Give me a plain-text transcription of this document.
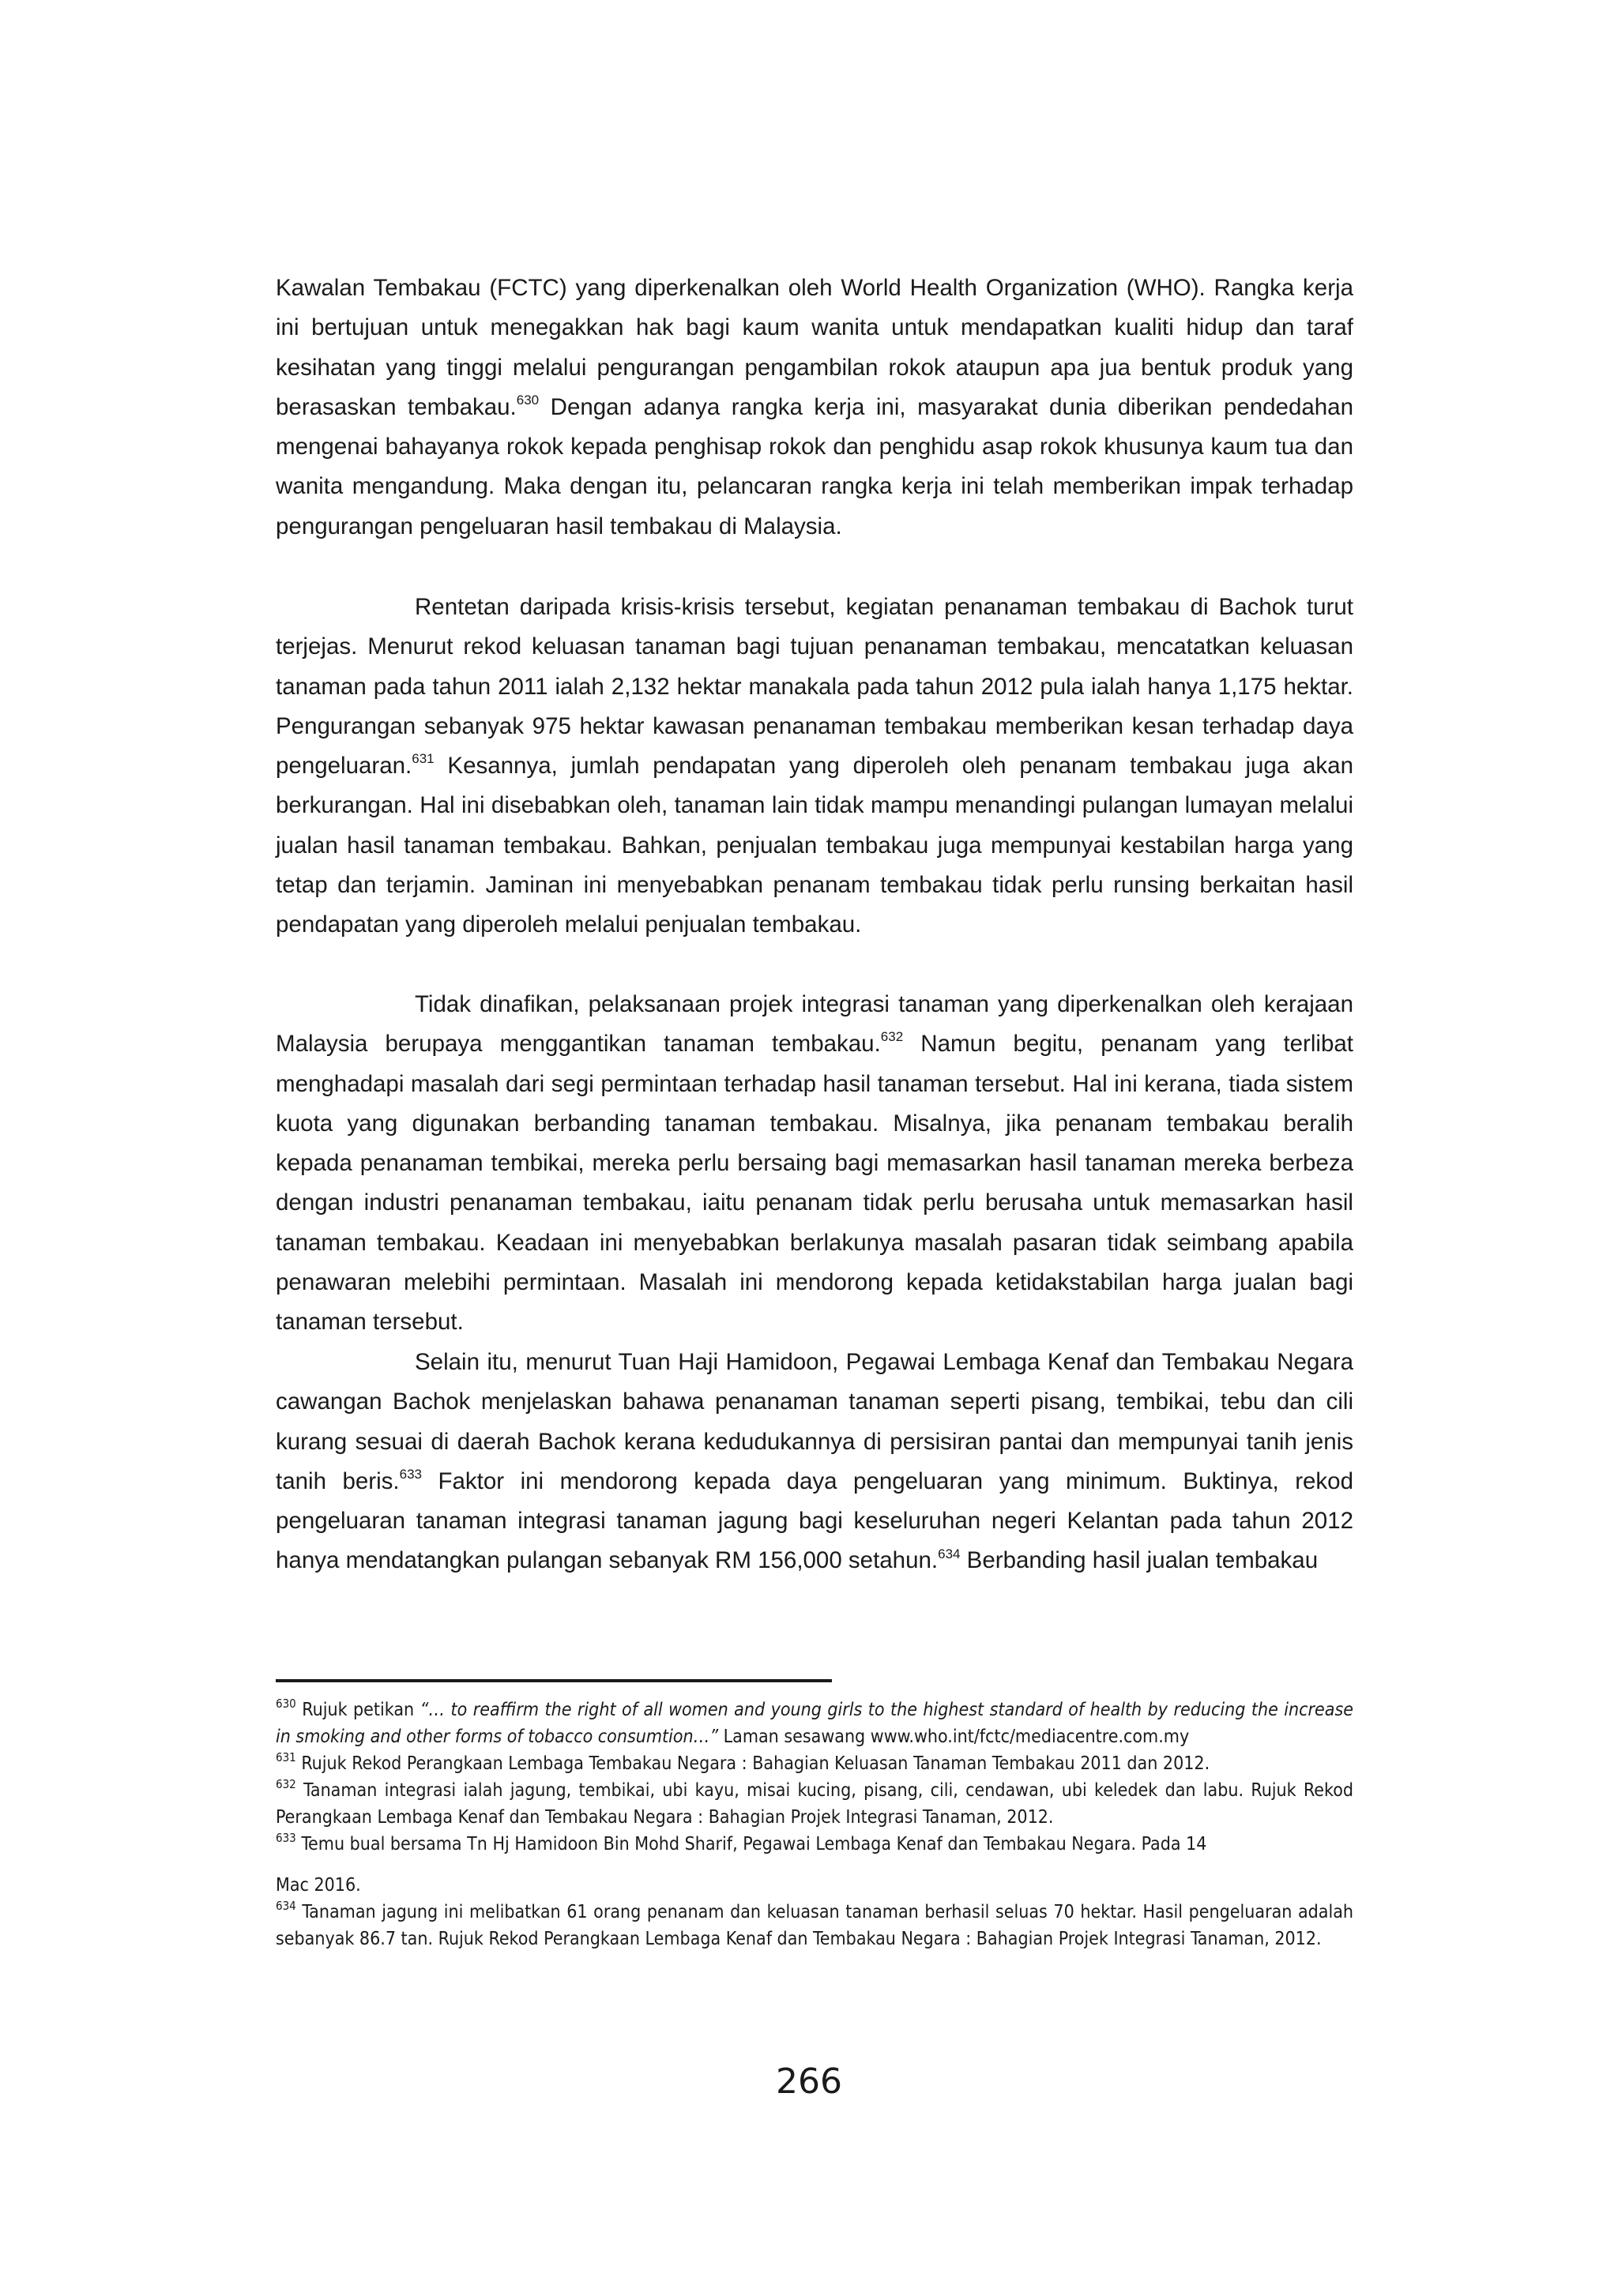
Kawalan Tembakau (FCTC) yang diperkenalkan oleh World Health Organization (WHO). Rangka kerja ini bertujuan untuk menegakkan hak bagi kaum wanita untuk mendapatkan kualiti hidup dan taraf kesihatan yang tinggi melalui pengurangan pengambilan rokok ataupun apa jua bentuk produk yang berasaskan tembakau.$^{630}$ Dengan adanya rangka kerja ini, masyarakat dunia diberikan pendedahan mengenai bahayanya rokok kepada penghisap rokok dan penghidu asap rokok khusunya kaum tua dan wanita mengandung. Maka dengan itu, pelancaran rangka kerja ini telah memberikan impak terhadap pengurangan pengeluaran hasil tembakau di Malaysia.

Rentetan daripada krisis-krisis tersebut, kegiatan penanaman tembakau di Bachok turut terjejas. Menurut rekod keluasan tanaman bagi tujuan penanaman tembakau, mencatatkan keluasan tanaman pada tahun 2011 ialah 2,132 hektar manakala pada tahun 2012 pula ialah hanya 1,175 hektar. Pengurangan sebanyak 975 hektar kawasan penanaman tembakau memberikan kesan terhadap daya pengeluaran.$^{631}$ Kesannya, jumlah pendapatan yang diperoleh oleh penanam tembakau juga akan berkurangan. Hal ini disebabkan oleh, tanaman lain tidak mampu menandingi pulangan lumayan melalui jualan hasil tanaman tembakau. Bahkan, penjualan tembakau juga mempunyai kestabilan harga yang tetap dan terjamin. Jaminan ini menyebabkan penanam tembakau tidak perlu runsing berkaitan hasil pendapatan yang diperoleh melalui penjualan tembakau.

Tidak dinafikan, pelaksanaan projek integrasi tanaman yang diperkenalkan oleh kerajaan Malaysia berupaya menggantikan tanaman tembakau.$^{632}$ Namun begitu, penanam yang terlibat menghadapi masalah dari segi permintaan terhadap hasil tanaman tersebut. Hal ini kerana, tiada sistem kuota yang digunakan berbanding tanaman tembakau. Misalnya, jika penanam tembakau beralih kepada penanaman tembikai, mereka perlu bersaing bagi memasarkan hasil tanaman mereka berbeza dengan industri penanaman tembakau, iaitu penanam tidak perlu berusaha untuk memasarkan hasil tanaman tembakau. Keadaan ini menyebabkan berlakunya masalah pasaran tidak seimbang apabila penawaran melebihi permintaan. Masalah ini mendorong kepada ketidakstabilan harga jualan bagi tanaman tersebut.

Selain itu, menurut Tuan Haji Hamidoon, Pegawai Lembaga Kenaf dan Tembakau Negara cawangan Bachok menjelaskan bahawa penanaman tanaman seperti pisang, tembikai, tebu dan cili kurang sesuai di daerah Bachok kerana kedudukannya di persisiran pantai dan mempunyai tanih jenis tanih beris.$^{633}$ Faktor ini mendorong kepada daya pengeluaran yang minimum. Buktinya, rekod pengeluaran tanaman integrasi tanaman jagung bagi keseluruhan negeri Kelantan pada tahun 2012 hanya mendatangkan pulangan sebanyak RM 156,000 setahun.$^{634}$ Berbanding hasil jualan tembakau

$^{630}$ Rujuk petikan “… to reaffirm the right of all women and young girls to the highest standard of health by reducing the increase in smoking and other forms of tobacco consumtion…” Laman sesawang www.who.int/fctc/mediacentre.com.my

$^{631}$ Rujuk Rekod Perangkaan Lembaga Tembakau Negara : Bahagian Keluasan Tanaman Tembakau 2011 dan 2012.

$^{632}$ Tanaman integrasi ialah jagung, tembikai, ubi kayu, misai kucing, pisang, cili, cendawan, ubi keledek dan labu. Rujuk Rekod Perangkaan Lembaga Kenaf dan Tembakau Negara : Bahagian Projek Integrasi Tanaman, 2012.

$^{633}$ Temu bual bersama Tn Hj Hamidoon Bin Mohd Sharif, Pegawai Lembaga Kenaf dan Tembakau Negara. Pada 14

Mac 2016.

$^{634}$ Tanaman jagung ini melibatkan 61 orang penanam dan keluasan tanaman berhasil seluas 70 hektar. Hasil pengeluaran adalah sebanyak 86.7 tan. Rujuk Rekod Perangkaan Lembaga Kenaf dan Tembakau Negara : Bahagian Projek Integrasi Tanaman, 2012.

266
